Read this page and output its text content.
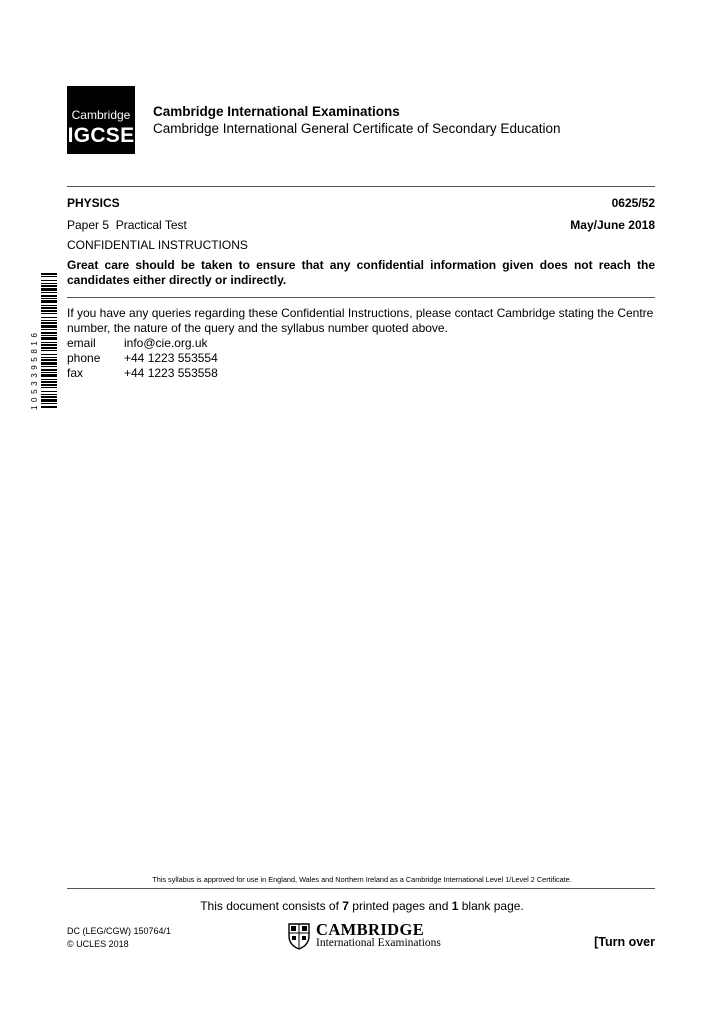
Cambridge
IGCSE
Cambridge International Examinations
Cambridge International General Certificate of Secondary Education
PHYSICS	0625/52
Paper 5  Practical Test	May/June 2018
CONFIDENTIAL INSTRUCTIONS
Great care should be taken to ensure that any confidential information given does not reach the candidates either directly or indirectly.
If you have any queries regarding these Confidential Instructions, please contact Cambridge stating the Centre number, the nature of the query and the syllabus number quoted above.
email info@cie.org.uk
phone +44 1223 553554
fax	+44 1223 553558
1053395816
This syllabus is approved for use in England, Wales and Northern Ireland as a Cambridge International Level 1/Level 2 Certificate.
This document consists of 7 printed pages and 1 blank page.
DC (LEG/CGW) 150764/1
© UCLES 2018
CAMBRIDGE
International Examinations	[Turn over
